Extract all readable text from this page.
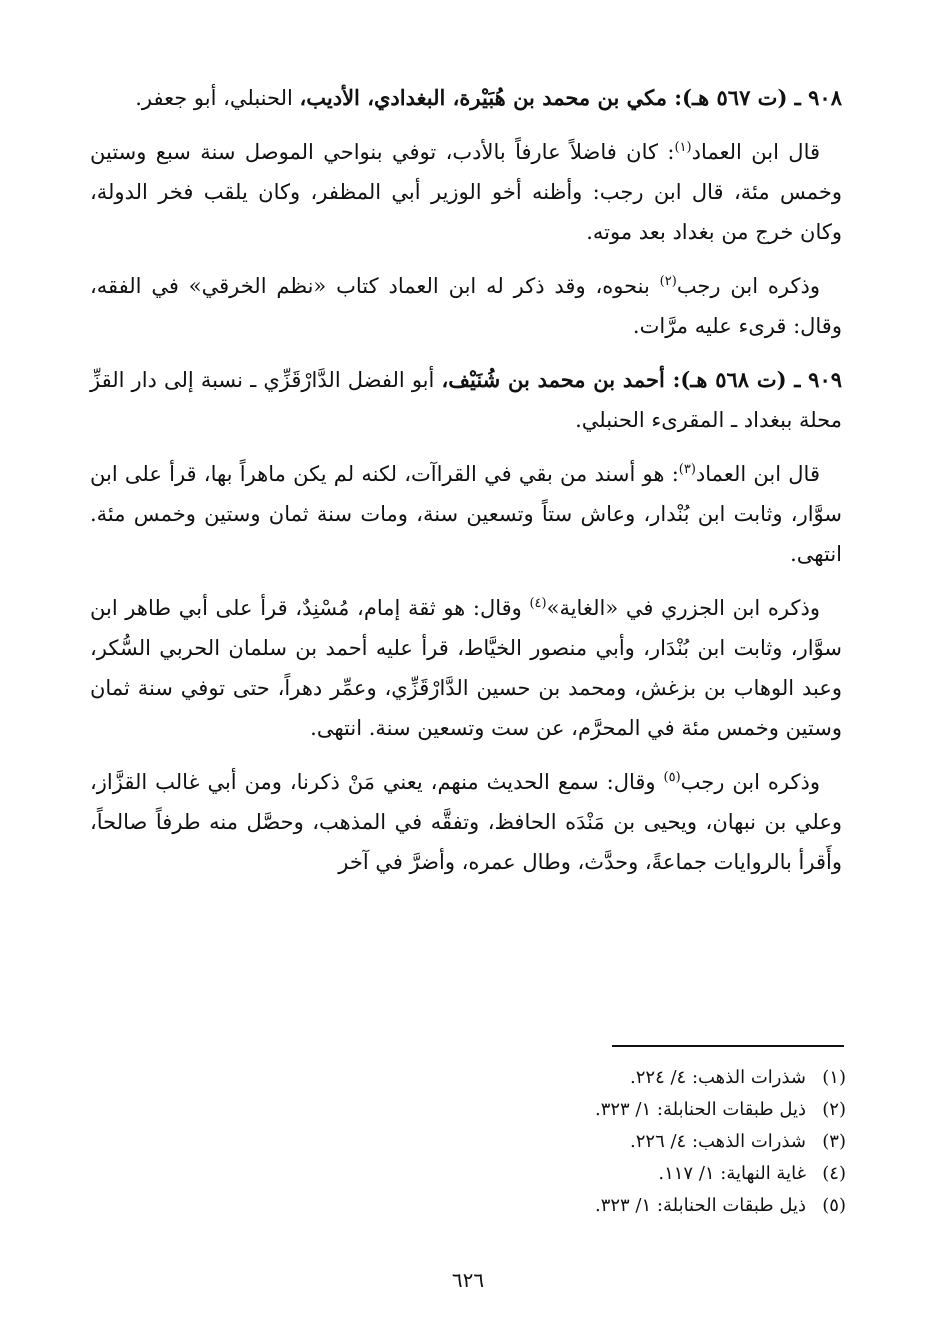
٩٠٨ ـ (ت ٥٦٧ هـ): مكي بن محمد بن هُبَيْرة، البغدادي، الأديب، الحنبلي، أبو جعفر.

قال ابن العماد$^{(١)}$: كان فاضلاً عارفاً بالأدب، توفي بنواحي الموصل سنة سبع وستين وخمس مئة، قال ابن رجب: وأظنه أخو الوزير أبي المظفر، وكان يلقب فخر الدولة، وكان خرج من بغداد بعد موته.

وذكره ابن رجب$^{(٢)}$ بنحوه، وقد ذكر له ابن العماد كتاب «نظم الخرقي» في الفقه، وقال: قرىء عليه مرَّات.

٩٠٩ ـ (ت ٥٦٨ هـ): أحمد بن محمد بن شُنَيْف، أبو الفضل الدَّارْقَزِّي ـ نسبة إلى دار القزِّ محلة ببغداد ـ المقرىء الحنبلي.

قال ابن العماد$^{(٣)}$: هو أسند من بقي في القراآت، لكنه لم يكن ماهراً بها، قرأ على ابن سوَّار، وثابت ابن بُنْدار، وعاش ستاً وتسعين سنة، ومات سنة ثمان وستين وخمس مئة. انتهى.

وذكره ابن الجزري في «الغاية»$^{(٤)}$ وقال: هو ثقة إمام، مُسْنِدٌ، قرأ على أبي طاهر ابن سوَّار، وثابت ابن بُنْدَار، وأبي منصور الخيَّاط، قرأ عليه أحمد بن سلمان الحربي السُّكر، وعبد الوهاب بن بزغش، ومحمد بن حسين الدَّارْقَزِّي، وعمِّر دهراً، حتى توفي سنة ثمان وستين وخمس مئة في المحرَّم، عن ست وتسعين سنة. انتهى.

وذكره ابن رجب$^{(٥)}$ وقال: سمع الحديث منهم، يعني مَنْ ذكرنا، ومن أبي غالب القزَّاز، وعلي بن نبهان، ويحيى بن مَنْدَه الحافظ، وتفقَّه في المذهب، وحصَّل منه طرفاً صالحاً، وأَقرأ بالروايات جماعةً، وحدَّث، وطال عمره، وأضرَّ في آخر

(١)شذرات الذهب: ٤/ ٢٢٤.
(٢)ذيل طبقات الحنابلة: ١/ ٣٢٣.
(٣)شذرات الذهب: ٤/ ٢٢٦.
(٤)غاية النهاية: ١/ ١١٧.
(٥)ذيل طبقات الحنابلة: ١/ ٣٢٣.
٦٢٦
